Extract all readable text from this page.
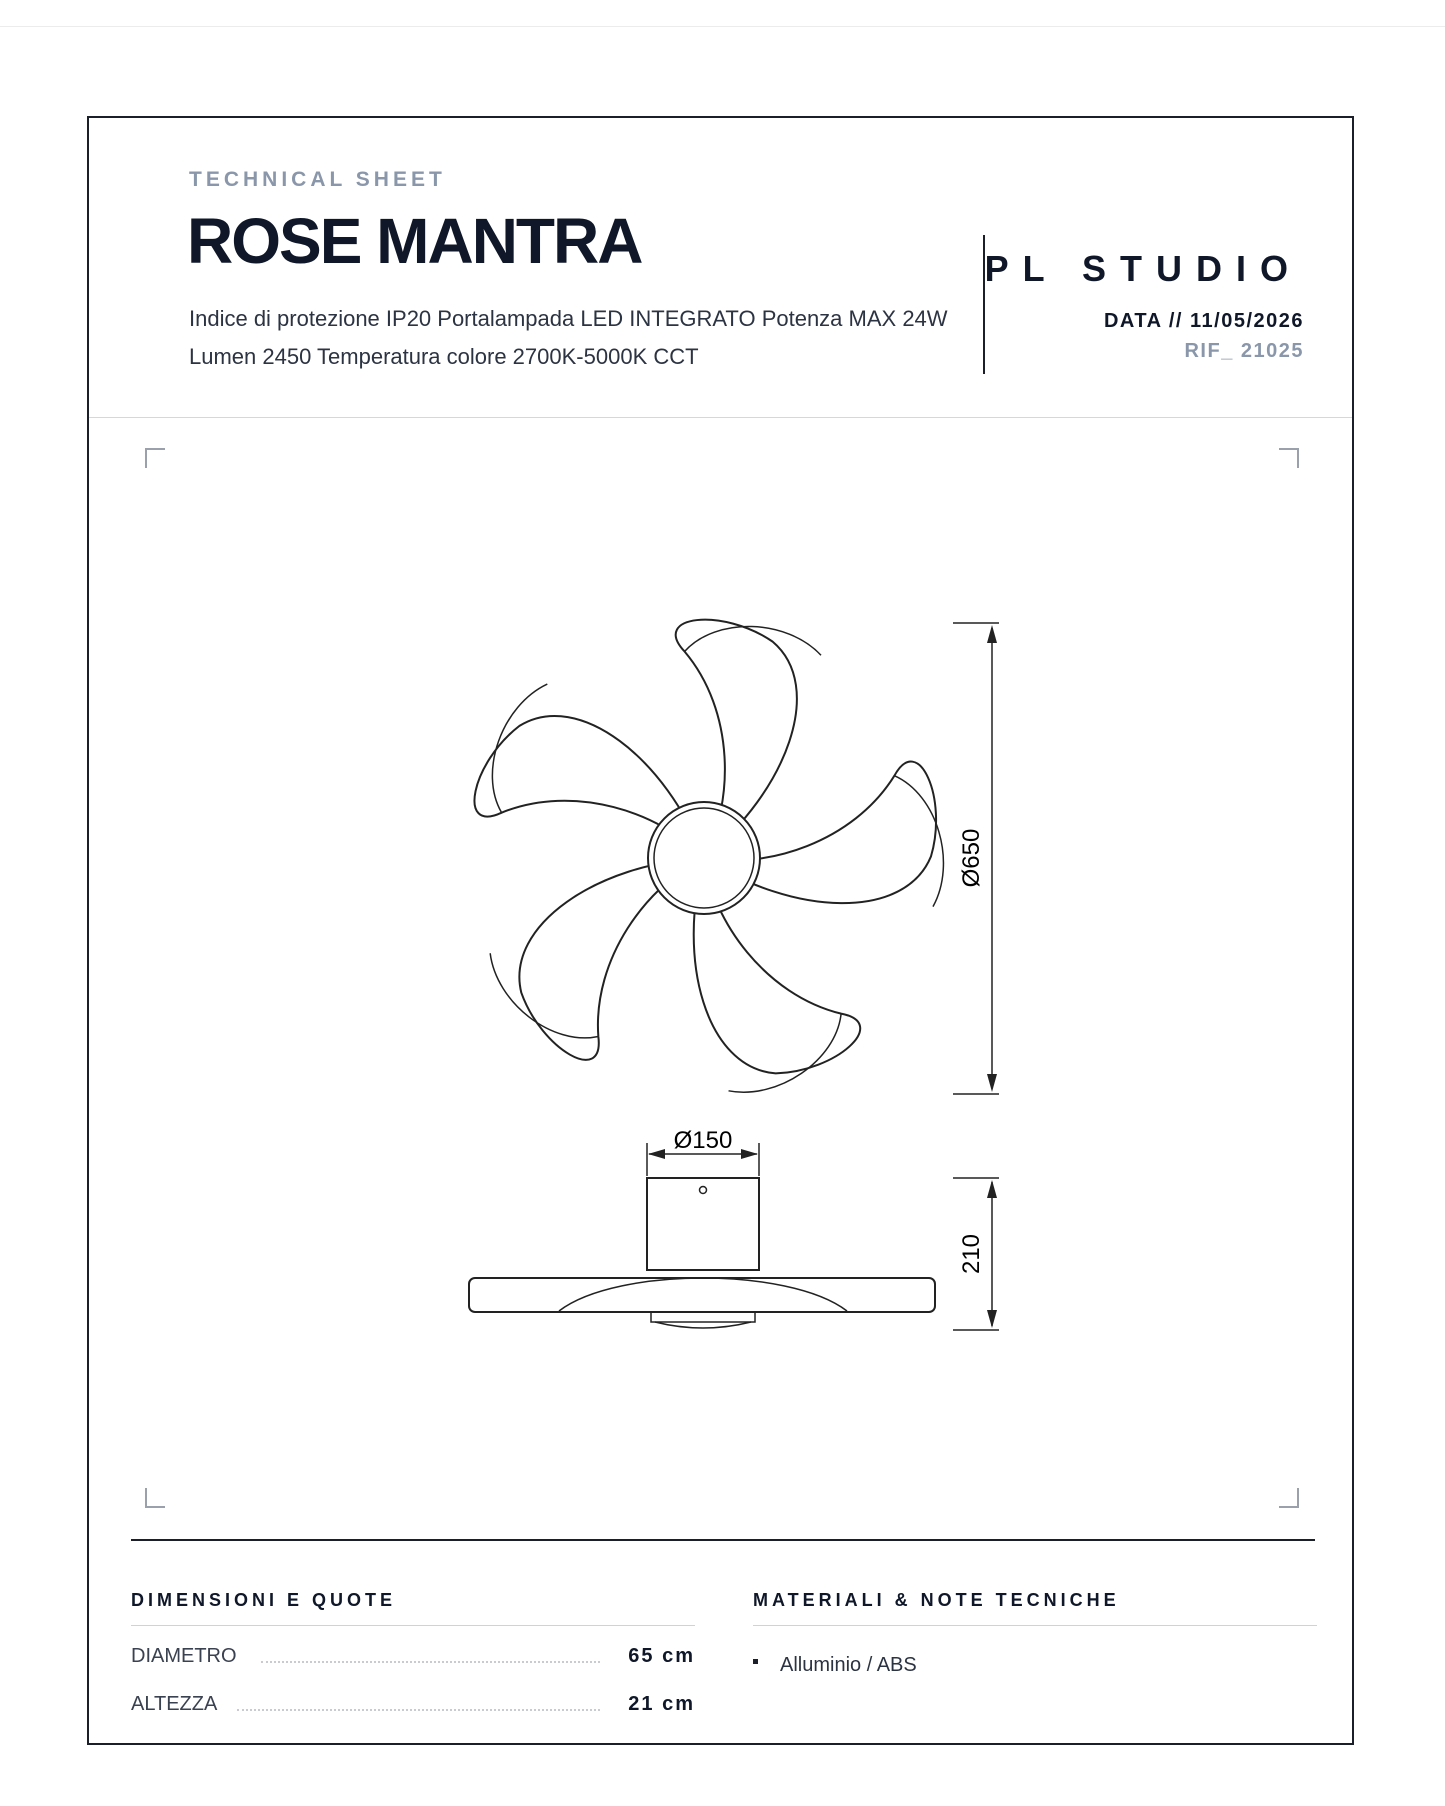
TECHNICAL SHEET
ROSE MANTRA
Indice di protezione IP20 Portalampada LED INTEGRATO Potenza MAX 24W Lumen 2450 Temperatura colore 2700K-5000K CCT
PL STUDIO
DATA // 11/05/2026
RIF_ 21025
Ø650
Ø150
210
DIMENSIONI E QUOTE
DIAMETRO	65 cm
ALTEZZA	21 cm
MATERIALI & NOTE TECNICHE
Alluminio / ABS
